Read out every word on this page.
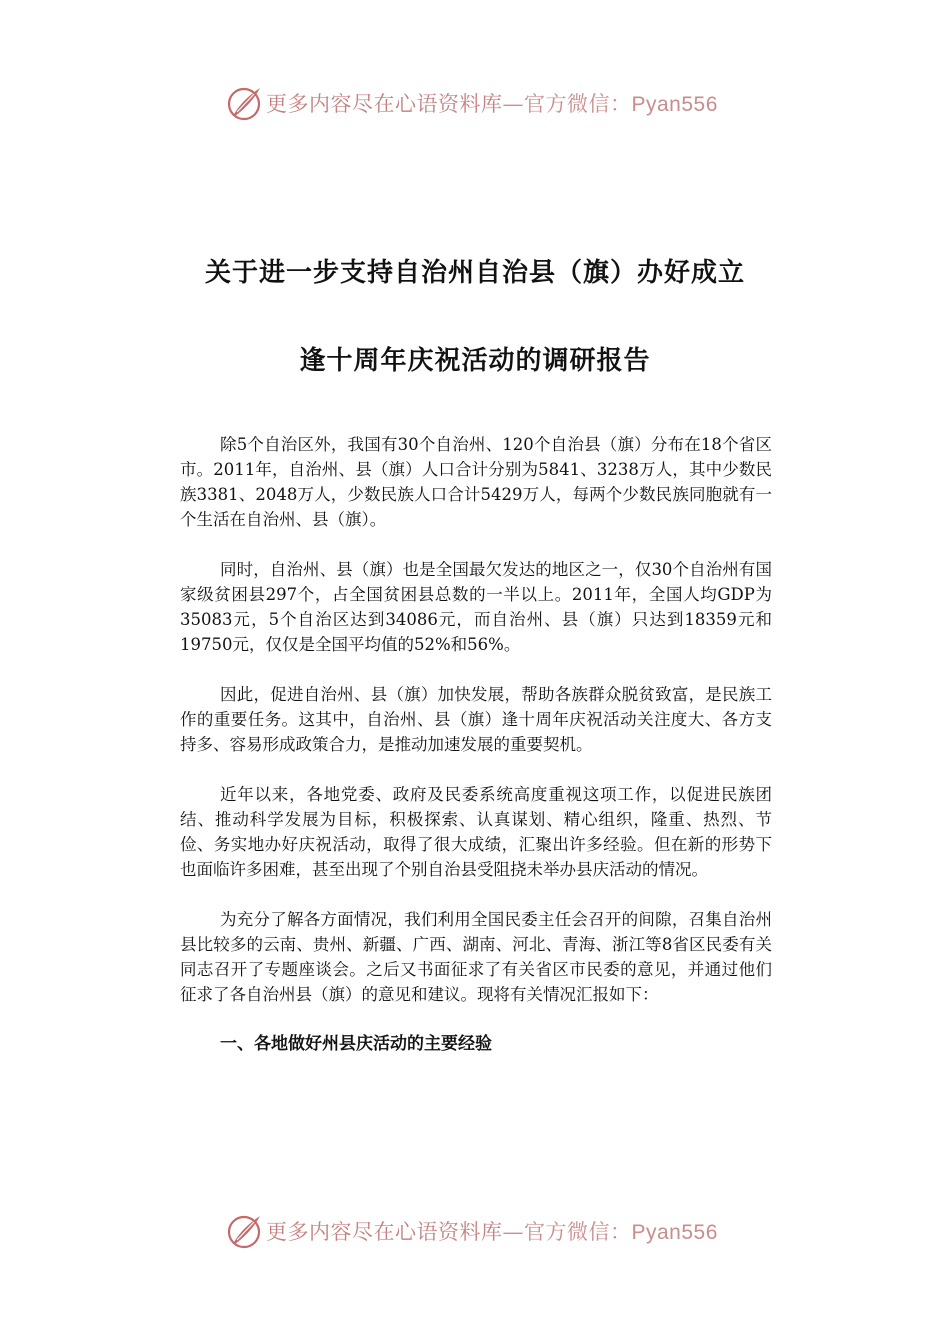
更多内容尽在心语资料库—官方微信：Pyan556
关于进一步支持自治州自治县（旗）办好成立
逢十周年庆祝活动的调研报告

除5个自治区外，我国有30个自治州、120个自治县（旗）分布在18个省区市。2011年，自治州、县（旗）人口合计分别为5841、3238万人，其中少数民族3381、2048万人，少数民族人口合计5429万人，每两个少数民族同胞就有一个生活在自治州、县（旗）。

同时，自治州、县（旗）也是全国最欠发达的地区之一，仅30个自治州有国家级贫困县297个，占全国贫困县总数的一半以上。2011年，全国人均GDP为35083元，5个自治区达到34086元，而自治州、县（旗）只达到18359元和19750元，仅仅是全国平均值的52%和56%。

因此，促进自治州、县（旗）加快发展，帮助各族群众脱贫致富，是民族工作的重要任务。这其中，自治州、县（旗）逢十周年庆祝活动关注度大、各方支持多、容易形成政策合力，是推动加速发展的重要契机。

近年以来，各地党委、政府及民委系统高度重视这项工作，以促进民族团结、推动科学发展为目标，积极探索、认真谋划、精心组织，隆重、热烈、节俭、务实地办好庆祝活动，取得了很大成绩，汇聚出许多经验。但在新的形势下也面临许多困难，甚至出现了个别自治县受阻挠未举办县庆活动的情况。

为充分了解各方面情况，我们利用全国民委主任会召开的间隙，召集自治州县比较多的云南、贵州、新疆、广西、湖南、河北、青海、浙江等8省区民委有关同志召开了专题座谈会。之后又书面征求了有关省区市民委的意见，并通过他们征求了各自治州县（旗）的意见和建议。现将有关情况汇报如下：

一、各地做好州县庆活动的主要经验
更多内容尽在心语资料库—官方微信：Pyan556
